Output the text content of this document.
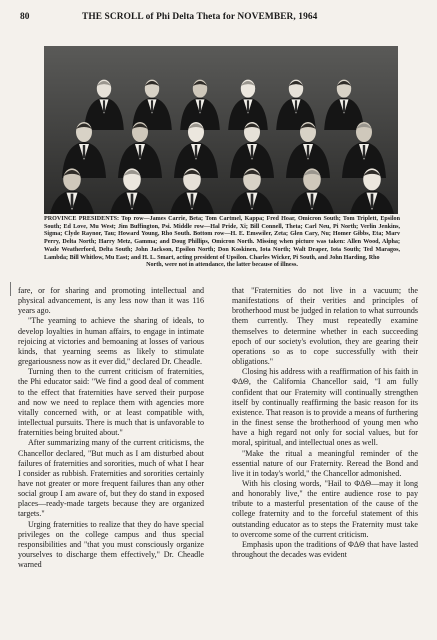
80	THE SCROLL of Phi Delta Theta for NOVEMBER, 1964
PROVINCE PRESIDENTS: Top row—James Carrie, Beta; Tom Cartmel, Kappa; Fred Hoar, Omicron South; Tom Triplett, Epsilon South; Ed Love, Mu West; Jim Buffington, Psi. Middle row—Hal Pride, Xi; Bill Connell, Theta; Carl Neu, Pi North; Verlin Jenkins, Sigma; Clyde Raynor, Tau; Howard Young, Rho South. Bottom row—H. E. Emswiler, Zeta; Glen Cary, Nu; Homer Gibbs, Eta; Marv Perry, Delta North; Harry Metz, Gamma; and Doug Phillips, Omicron North. Missing when picture was taken: Allen Wood, Alpha; Wade Weatherford, Delta South; John Jackson, Epsilon North; Don Koskinen, Iota North; Walt Draper, Iota South; Ted Maragos, Lambda; Bill Whitlow, Mu East; and H. L. Smart, acting president of Upsilon. Charles Wicker, Pi South, and John Harding, Rho
North, were not in attendance, the latter because of illness.

fare, or for sharing and promoting intellectual and physical advancement, is any less now than it was 116 years ago.

"The yearning to achieve the sharing of ideals, to develop loyalties in human affairs, to engage in intimate rejoicing at victories and bemoaning at losses of various kinds, that yearning seems as likely to stimulate gregariousness now as it ever did," declared Dr. Cheadle.

Turning then to the current criticism of fraternities, the Phi educator said: "We find a good deal of comment to the effect that fraternities have served their purpose and now we need to replace them with agencies more vitally concerned with, or at least compatible with, intellectual pursuits. There is much that is unfavorable to fraternities being bruited about."

After summarizing many of the current criticisms, the Chancellor declared, "But much as I am disturbed about failures of fraternities and sororities, much of what I hear I consider as rubbish. Fraternities and sororities certainly have not greater or more frequent failures than any other social group I am aware of, but they do stand in exposed places—ready-made targets because they are organized targets."

Urging fraternities to realize that they do have special privileges on the college campus and thus special responsibilities and "that you must consciously organize yourselves to discharge them effectively," Dr. Cheadle warned

that "Fraternities do not live in a vacuum; the manifestations of their verities and principles of brotherhood must be judged in relation to what surrounds them currently. They must repeatedly examine themselves to determine whether in each succeeding epoch of our society's evolution, they are gearing their operations so as to cope successfully with their obligations."

Closing his address with a reaffirmation of his faith in ΦΔΘ, the California Chancellor said, "I am fully confident that our Fraternity will continually strengthen itself by continually reaffirming the basic reason for its existence. That reason is to provide a means of furthering in the finest sense the brotherhood of young men who have a high regard not only for social values, but for moral, spiritual, and intellectual ones as well.

"Make the ritual a meaningful reminder of the essential nature of our Fraternity. Reread the Bond and live it in today's world," the Chancellor admonished.

With his closing words, "Hail to ΦΔΘ—may it long and honorably live," the entire audience rose to pay tribute to a masterful presentation of the cause of the college fraternity and to the forceful statement of this outstanding educator as to steps the Fraternity must take to overcome some of the current criticism.

Emphasis upon the traditions of ΦΔΘ that have lasted throughout the decades was evident
